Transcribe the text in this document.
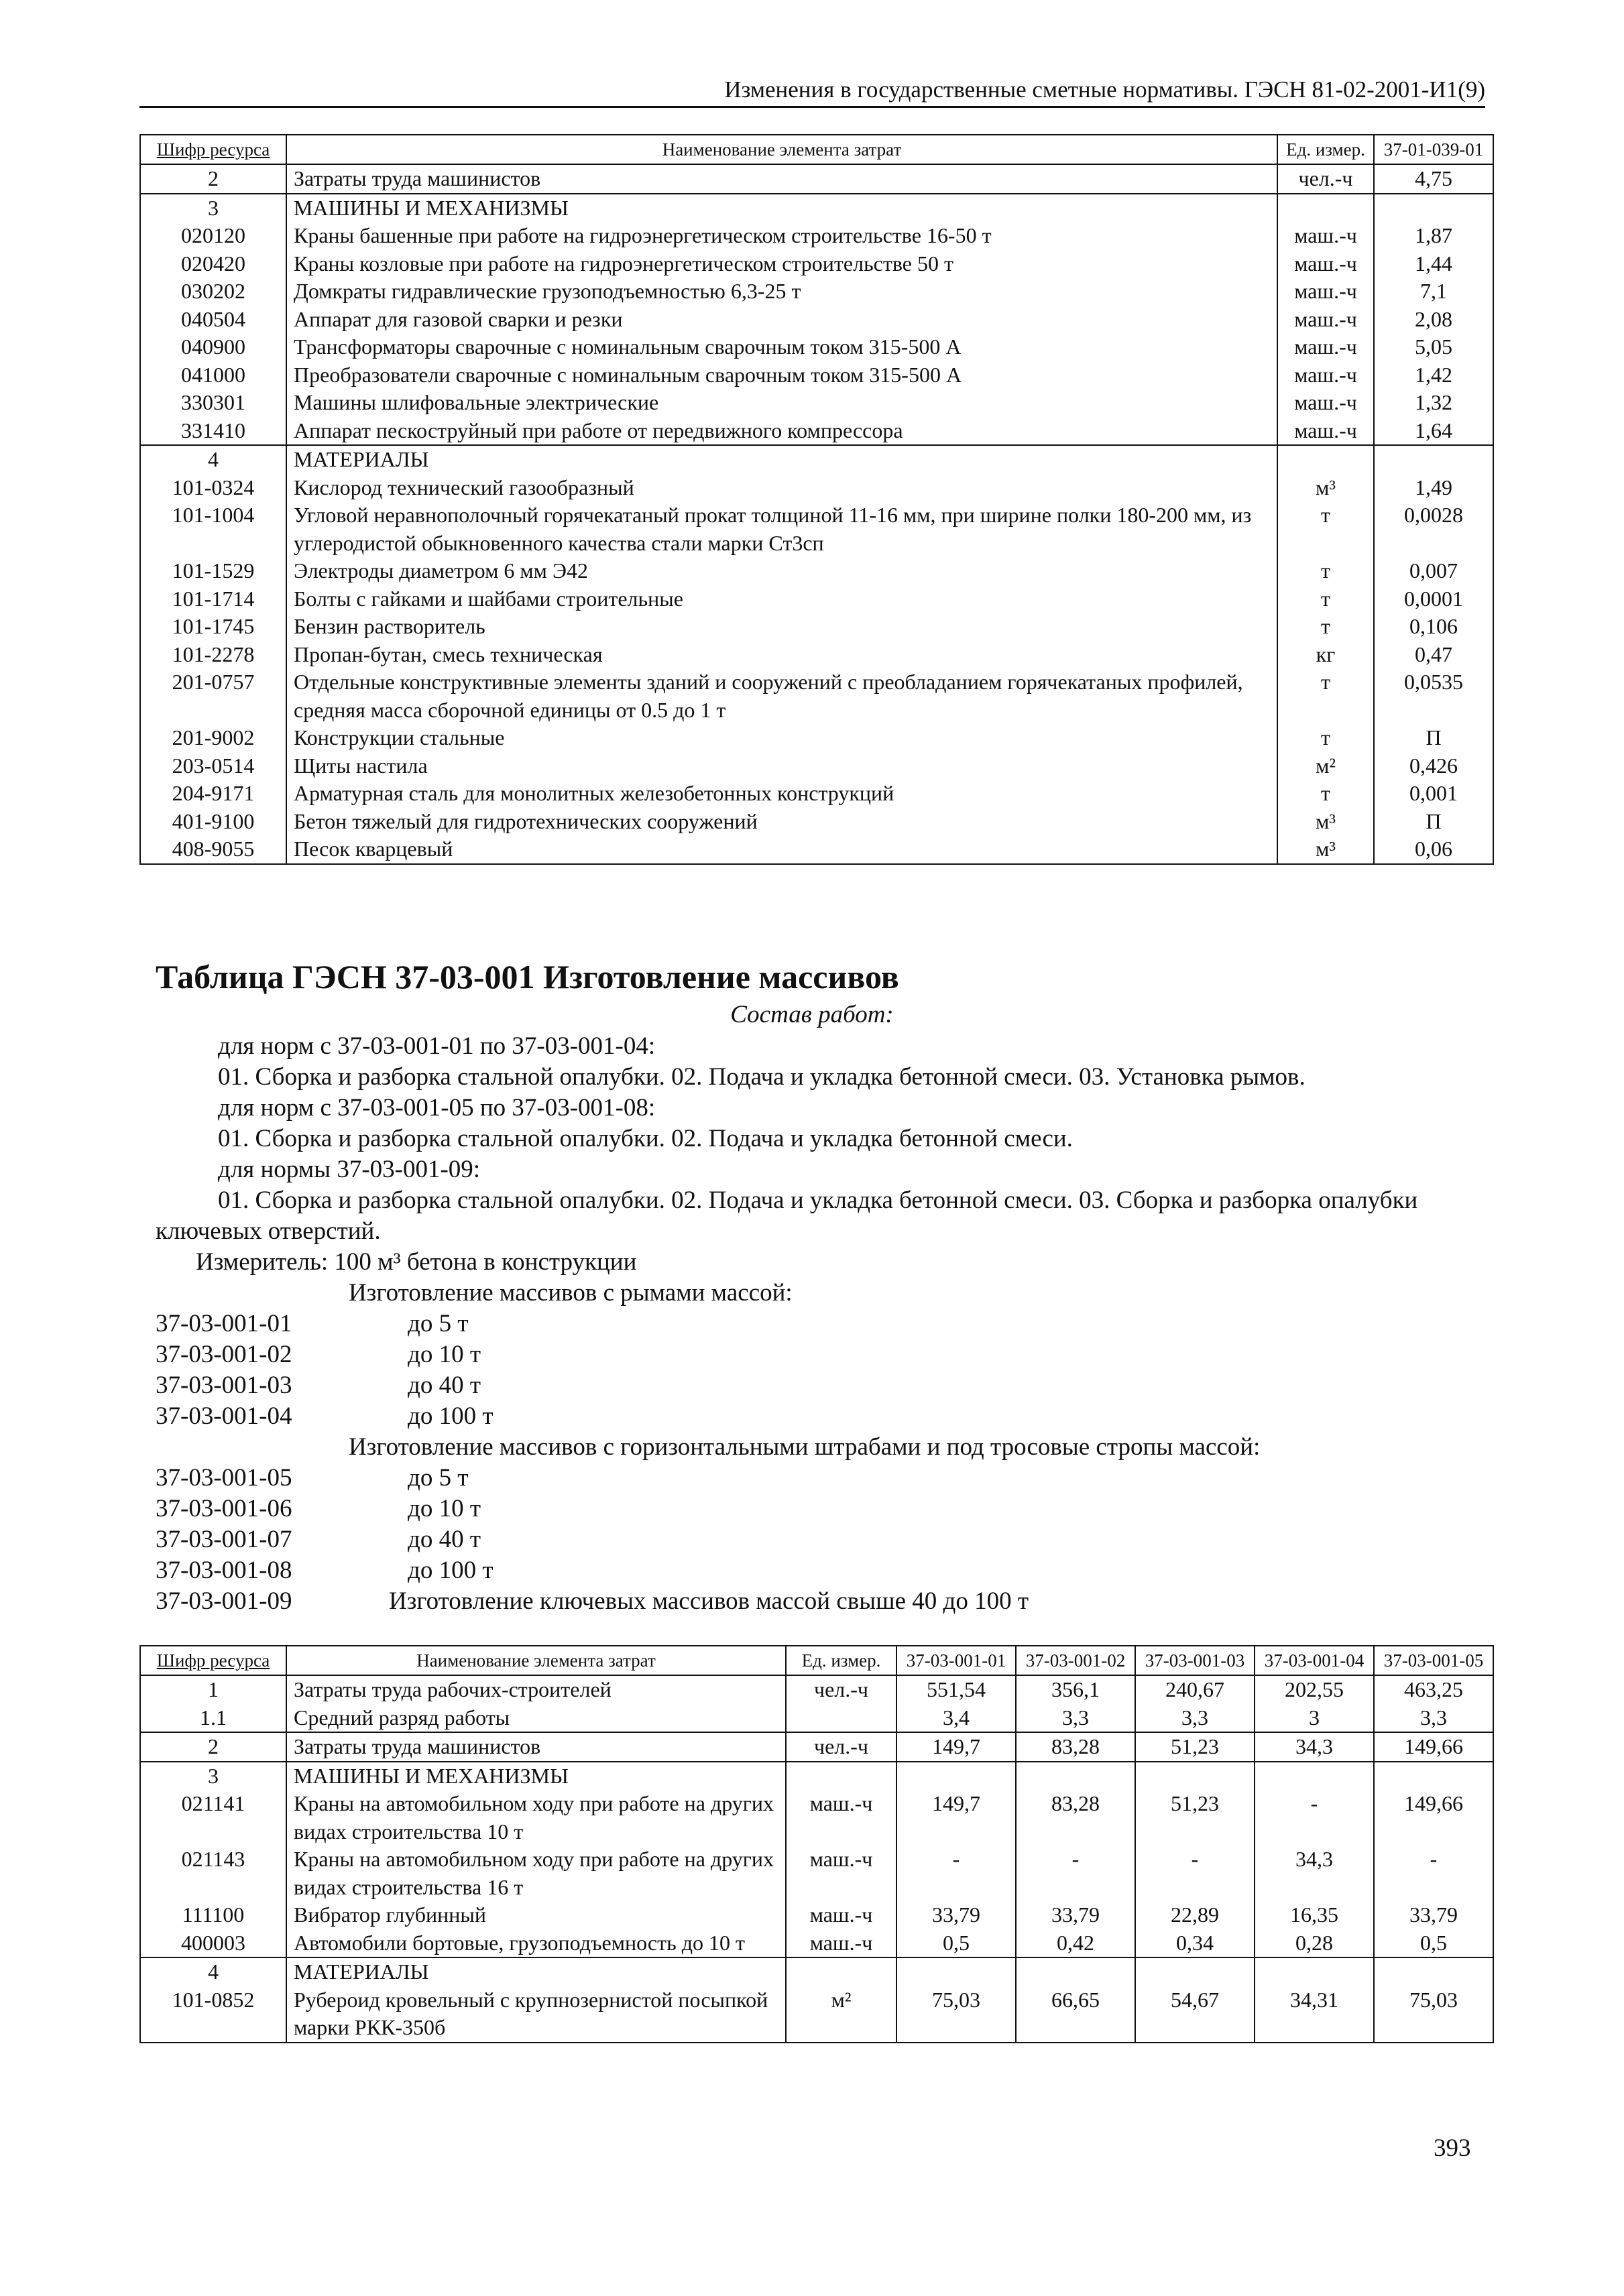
Изменения в государственные сметные нормативы. ГЭСН 81-02-2001-И1(9)
Шифр ресурса	Наименование элемента затрат	Ед. измер.	37-01-039-01
2	Затраты труда машинистов	чел.-ч	4,75
3	МАШИНЫ И МЕХАНИЗМЫ		
020120	Краны башенные при работе на гидроэнергетическом строительстве 16-50 т	маш.-ч	1,87
020420	Краны козловые при работе на гидроэнергетическом строительстве 50 т	маш.-ч	1,44
030202	Домкраты гидравлические грузоподъемностью 6,3-25 т	маш.-ч	7,1
040504	Аппарат для газовой сварки и резки	маш.-ч	2,08
040900	Трансформаторы сварочные с номинальным сварочным током 315-500 А	маш.-ч	5,05
041000	Преобразователи сварочные с номинальным сварочным током 315-500 А	маш.-ч	1,42
330301	Машины шлифовальные электрические	маш.-ч	1,32
331410	Аппарат пескоструйный при работе от передвижного компрессора	маш.-ч	1,64
4	МАТЕРИАЛЫ		
101-0324	Кислород технический газообразный	м³	1,49
101-1004	Угловой неравнополочный горячекатаный прокат толщиной 11-16 мм, при ширине полки 180-200 мм, из углеродистой обыкновенного качества стали марки Ст3сп	т	0,0028
101-1529	Электроды диаметром 6 мм Э42	т	0,007
101-1714	Болты с гайками и шайбами строительные	т	0,0001
101-1745	Бензин растворитель	т	0,106
101-2278	Пропан-бутан, смесь техническая	кг	0,47
201-0757	Отдельные конструктивные элементы зданий и сооружений с преобладанием горячекатаных профилей, средняя масса сборочной единицы от 0.5 до 1 т	т	0,0535
201-9002	Конструкции стальные	т	П
203-0514	Щиты настила	м²	0,426
204-9171	Арматурная сталь для монолитных железобетонных конструкций	т	0,001
401-9100	Бетон тяжелый для гидротехнических сооружений	м³	П
408-9055	Песок кварцевый	м³	0,06
Таблица ГЭСН 37-03-001 Изготовление массивов
Состав работ:
для норм с 37-03-001-01 по 37-03-001-04:
01. Сборка и разборка стальной опалубки. 02. Подача и укладка бетонной смеси. 03. Установка рымов.
для норм с 37-03-001-05 по 37-03-001-08:
01. Сборка и разборка стальной опалубки. 02. Подача и укладка бетонной смеси.
для нормы 37-03-001-09:
01. Сборка и разборка стальной опалубки. 02. Подача и укладка бетонной смеси. 03. Сборка и разборка опалубки ключевых отверстий.
Измеритель: 100 м³ бетона в конструкции
Изготовление массивов с рымами массой:
37-03-001-01	до 5 т
37-03-001-02	до 10 т
37-03-001-03	до 40 т
37-03-001-04	до 100 т
Изготовление массивов с горизонтальными штрабами и под тросовые стропы массой:
37-03-001-05	до 5 т
37-03-001-06	до 10 т
37-03-001-07	до 40 т
37-03-001-08	до 100 т
37-03-001-09	Изготовление ключевых массивов массой свыше 40 до 100 т
Шифр ресурса	Наименование элемента затрат	Ед. измер.	37-03-001-01	37-03-001-02	37-03-001-03	37-03-001-04	37-03-001-05
1	Затраты труда рабочих-строителей	чел.-ч	551,54	356,1	240,67	202,55	463,25
1.1	Средний разряд работы		3,4	3,3	3,3	3	3,3
2	Затраты труда машинистов	чел.-ч	149,7	83,28	51,23	34,3	149,66
3	МАШИНЫ И МЕХАНИЗМЫ						
021141	Краны на автомобильном ходу при работе на других видах строительства 10 т	маш.-ч	149,7	83,28	51,23	-	149,66
021143	Краны на автомобильном ходу при работе на других видах строительства 16 т	маш.-ч	-	-	-	34,3	-
111100	Вибратор глубинный	маш.-ч	33,79	33,79	22,89	16,35	33,79
400003	Автомобили бортовые, грузоподъемность до 10 т	маш.-ч	0,5	0,42	0,34	0,28	0,5
4	МАТЕРИАЛЫ						
101-0852	Рубероид кровельный с крупнозернистой посыпкой марки РКК-350б	м²	75,03	66,65	54,67	34,31	75,03
393
